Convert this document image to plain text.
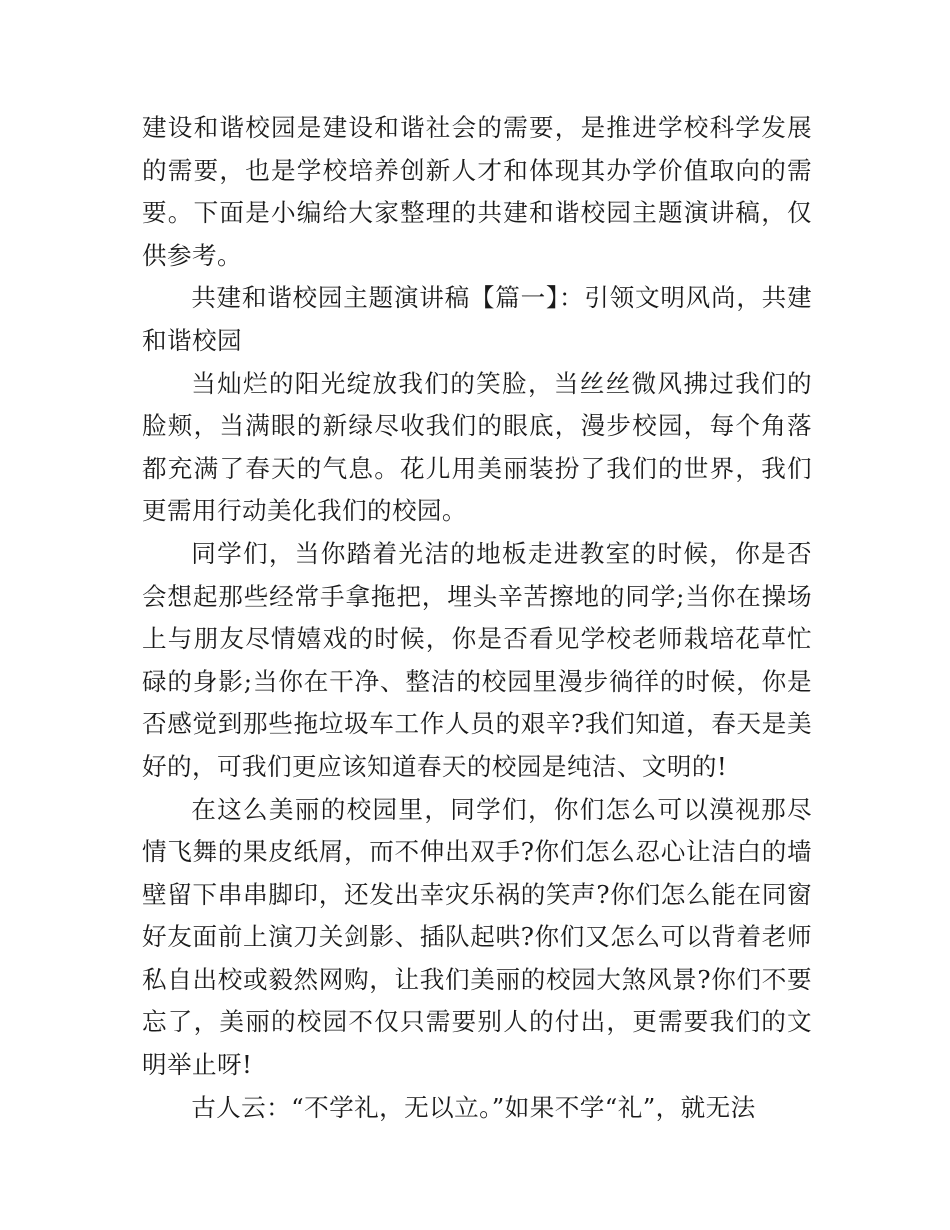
建设和谐校园是建设和谐社会的需要，是推进学校科学发展的需要，也是学校培养创新人才和体现其办学价值取向的需要。下面是小编给大家整理的共建和谐校园主题演讲稿，仅供参考。

共建和谐校园主题演讲稿【篇一】：引领文明风尚，共建和谐校园

当灿烂的阳光绽放我们的笑脸，当丝丝微风拂过我们的脸颊，当满眼的新绿尽收我们的眼底，漫步校园，每个角落都充满了春天的气息。花儿用美丽装扮了我们的世界，我们更需用行动美化我们的校园。

同学们，当你踏着光洁的地板走进教室的时候，你是否会想起那些经常手拿拖把，埋头辛苦擦地的同学;当你在操场上与朋友尽情嬉戏的时候，你是否看见学校老师栽培花草忙碌的身影;当你在干净、整洁的校园里漫步徜徉的时候，你是否感觉到那些拖垃圾车工作人员的艰辛?我们知道，春天是美好的，可我们更应该知道春天的校园是纯洁、文明的!

在这么美丽的校园里，同学们，你们怎么可以漠视那尽情飞舞的果皮纸屑，而不伸出双手?你们怎么忍心让洁白的墙壁留下串串脚印，还发出幸灾乐祸的笑声?你们怎么能在同窗好友面前上演刀关剑影、插队起哄?你们又怎么可以背着老师私自出校或毅然网购，让我们美丽的校园大煞风景?你们不要忘了，美丽的校园不仅只需要别人的付出，更需要我们的文明举止呀!

古人云：“不学礼，无以立。”如果不学“礼”，就无法
